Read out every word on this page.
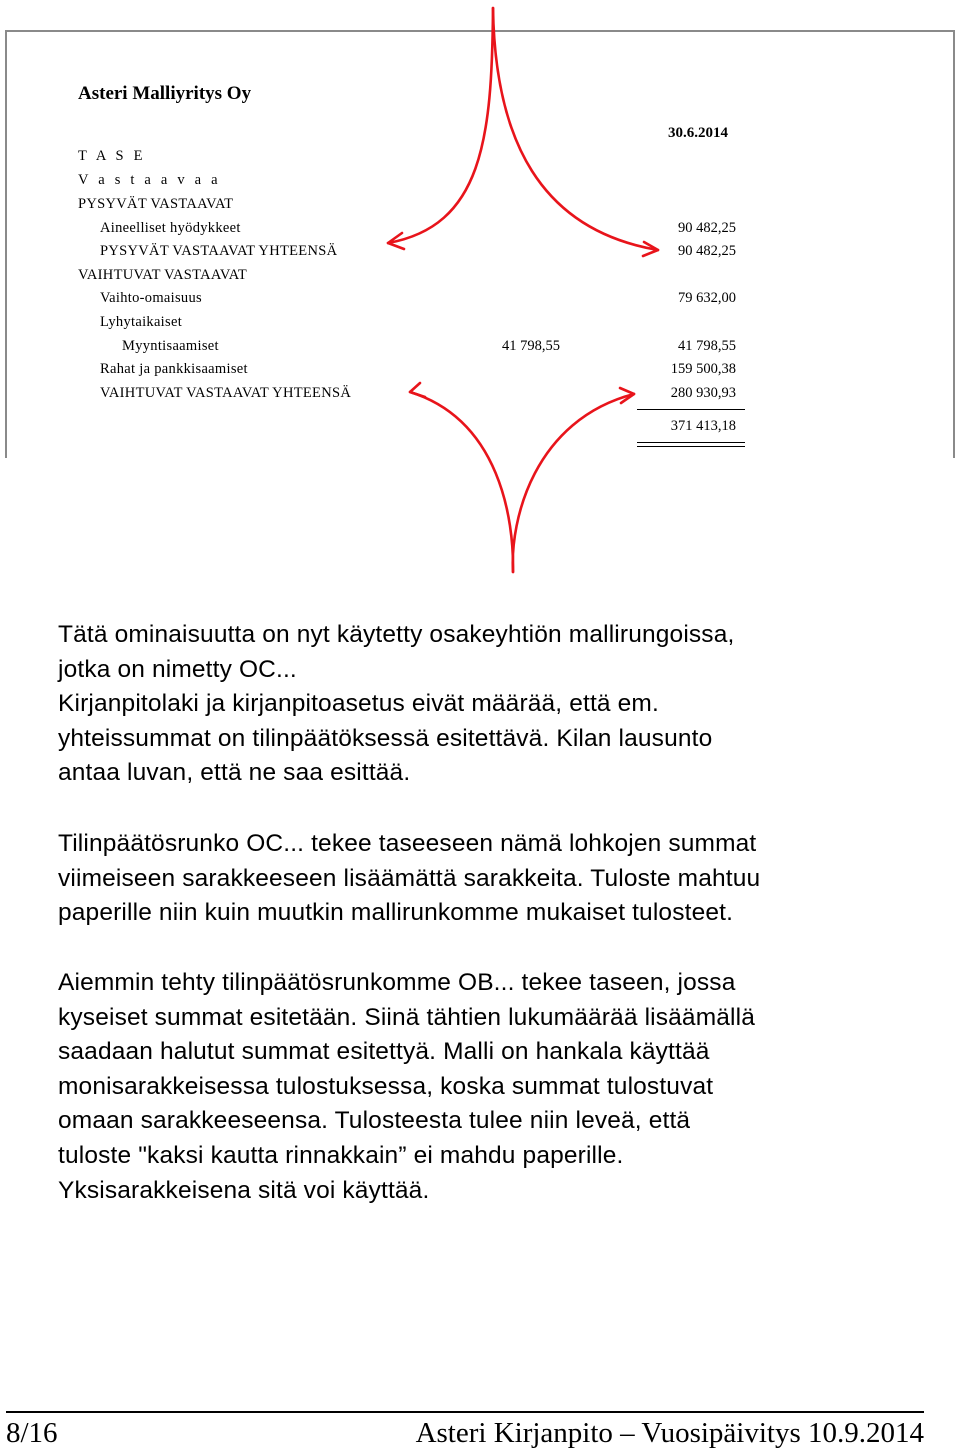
Asteri Malliyritys Oy
30.6.2014
T A S E
V a s t a a v a a
PYSYVÄT VASTAAVAT
Aineelliset hyödykkeet	90 482,25
PYSYVÄT VASTAAVAT YHTEENSÄ	90 482,25
VAIHTUVAT VASTAAVAT
Vaihto-omaisuus	79 632,00
Lyhytaikaiset
Myyntisaamiset	41 798,55	41 798,55
Rahat ja pankkisaamiset	159 500,38
VAIHTUVAT VASTAAVAT YHTEENSÄ	280 930,93
371 413,18
Tätä ominaisuutta on nyt käytetty osakeyhtiön mallirungoissa,
jotka on nimetty OC...
Kirjanpitolaki ja kirjanpitoasetus eivät määrää, että em.
yhteissummat on tilinpäätöksessä esitettävä. Kilan lausunto
antaa luvan, että ne saa esittää.
Tilinpäätösrunko OC... tekee taseeseen nämä lohkojen summat
viimeiseen sarakkeeseen lisäämättä sarakkeita. Tuloste mahtuu
paperille niin kuin muutkin mallirunkomme mukaiset tulosteet.
Aiemmin tehty tilinpäätösrunkomme OB... tekee taseen, jossa
kyseiset summat esitetään. Siinä tähtien lukumäärää lisäämällä
saadaan halutut summat esitettyä. Malli on hankala käyttää
monisarakkeisessa tulostuksessa, koska summat tulostuvat
omaan sarakkeeseensa. Tulosteesta tulee niin leveä, että
tuloste "kaksi kautta rinnakkain” ei mahdu paperille.
Yksisarakkeisena sitä voi käyttää.
8/16	Asteri Kirjanpito – Vuosipäivitys 10.9.2014
